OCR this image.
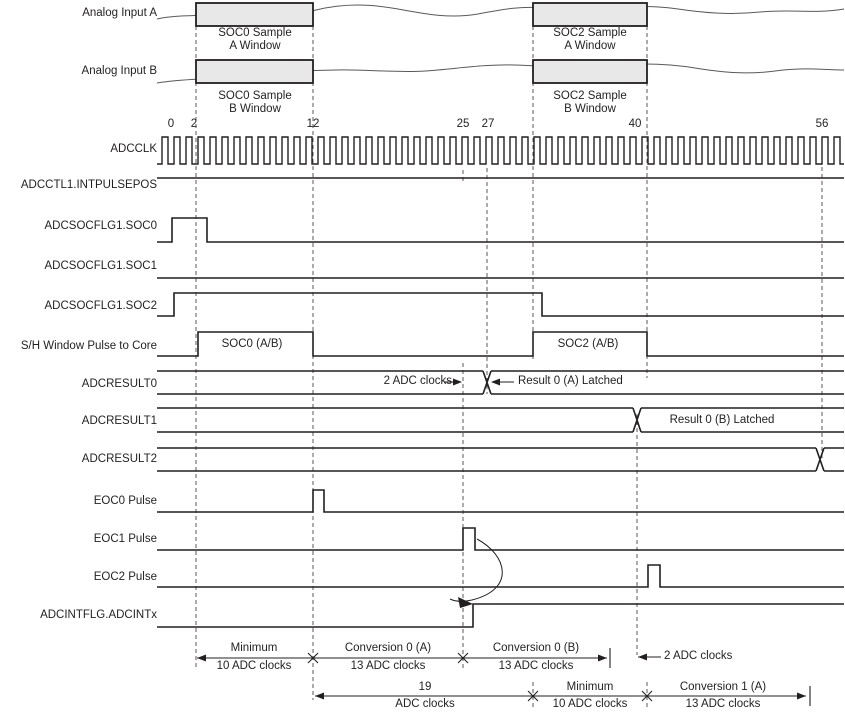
Analog Input A
Analog Input B
ADCCLK
ADCCTL1.INTPULSEPOS
ADCSOCFLG1.SOC0
ADCSOCFLG1.SOC1
ADCSOCFLG1.SOC2
S/H Window Pulse to Core
ADCRESULT0
ADCRESULT1
ADCRESULT2
EOC0 Pulse
EOC1 Pulse
EOC2 Pulse
ADCINTFLG.ADCINTx
SOC0 Sample
A Window
SOC2 Sample
A Window
SOC0 Sample
B Window
SOC2 Sample
B Window
0	2	12	25	27	40	56
SOC0 (A/B)	SOC2 (A/B)
2 ADC clocks	Result 0 (A) Latched
Result 0 (B) Latched
Minimum
10 ADC clocks
Conversion 0 (A)
13 ADC clocks
Conversion 0 (B)
13 ADC clocks
2 ADC clocks
19
ADC clocks
Minimum
10 ADC clocks
Conversion 1 (A)
13 ADC clocks
